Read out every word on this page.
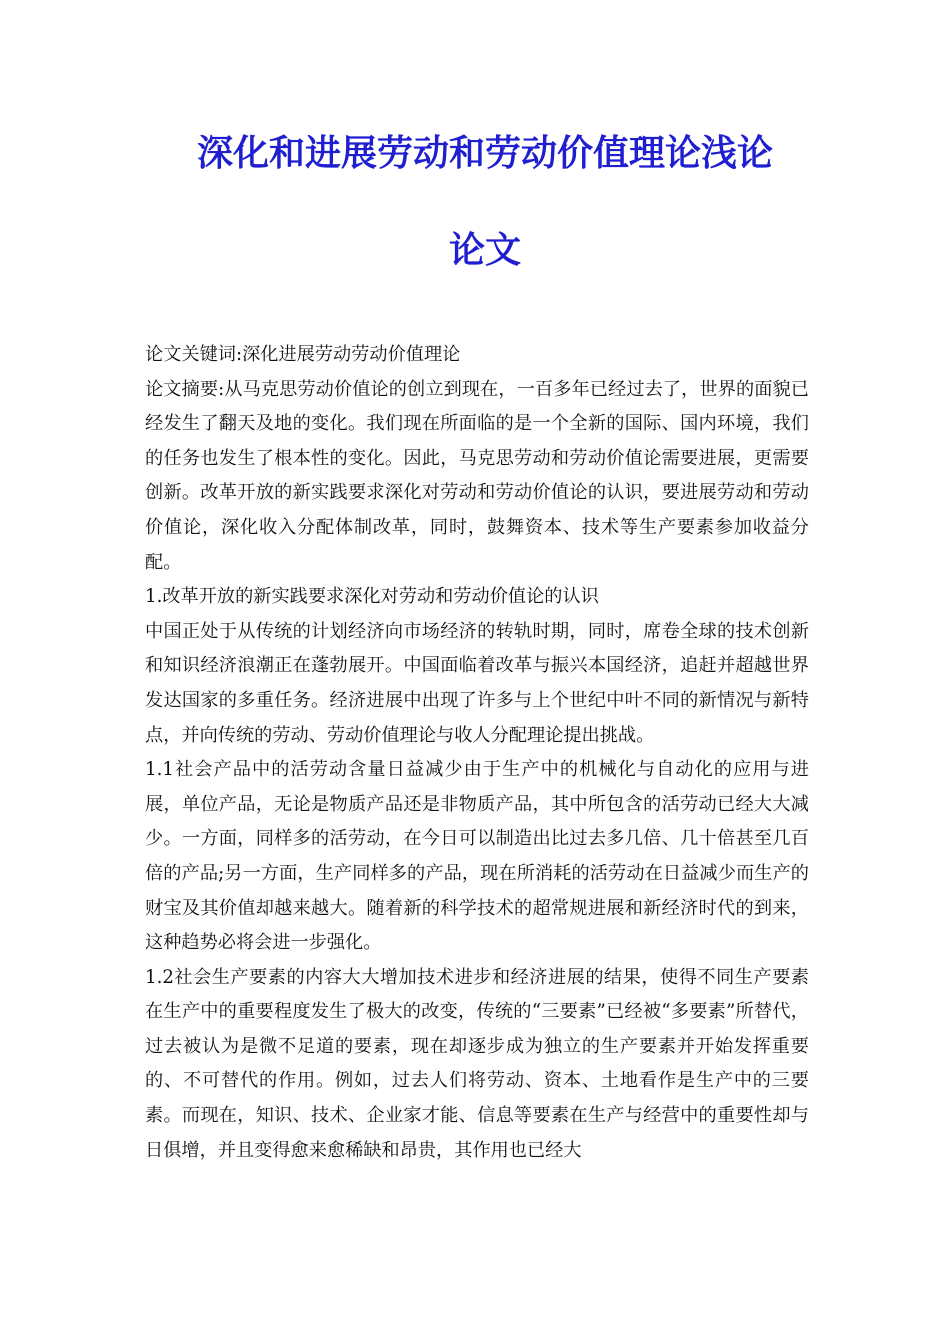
深化和进展劳动和劳动价值理论浅论
论文

论文关键词:深化进展劳动劳动价值理论

论文摘要:从马克思劳动价值论的创立到现在，一百多年已经过去了，世界的面貌已经发生了翻天及地的变化。我们现在所面临的是一个全新的国际、国内环境，我们的任务也发生了根本性的变化。因此，马克思劳动和劳动价值论需要进展，更需要创新。改革开放的新实践要求深化对劳动和劳动价值论的认识，要进展劳动和劳动价值论，深化收入分配体制改革，同时，鼓舞资本、技术等生产要素参加收益分配。

1.改革开放的新实践要求深化对劳动和劳动价值论的认识

中国正处于从传统的计划经济向市场经济的转轨时期，同时，席卷全球的技术创新和知识经济浪潮正在蓬勃展开。中国面临着改革与振兴本国经济，追赶并超越世界发达国家的多重任务。经济进展中出现了许多与上个世纪中叶不同的新情况与新特点，并向传统的劳动、劳动价值理论与收人分配理论提出挑战。

1.1社会产品中的活劳动含量日益减少由于生产中的机械化与自动化的应用与进展，单位产品，无论是物质产品还是非物质产品，其中所包含的活劳动已经大大减少。一方面，同样多的活劳动，在今日可以制造出比过去多几倍、几十倍甚至几百倍的产品;另一方面，生产同样多的产品，现在所消耗的活劳动在日益减少而生产的财宝及其价值却越来越大。随着新的科学技术的超常规进展和新经济时代的到来，这种趋势必将会进一步强化。

1.2社会生产要素的内容大大增加技术进步和经济进展的结果，使得不同生产要素在生产中的重要程度发生了极大的改变，传统的“三要素”已经被“多要素”所替代，过去被认为是微不足道的要素，现在却逐步成为独立的生产要素并开始发挥重要的、不可替代的作用。例如，过去人们将劳动、资本、土地看作是生产中的三要素。而现在，知识、技术、企业家才能、信息等要素在生产与经营中的重要性却与日俱增，并且变得愈来愈稀缺和昂贵，其作用也已经大
